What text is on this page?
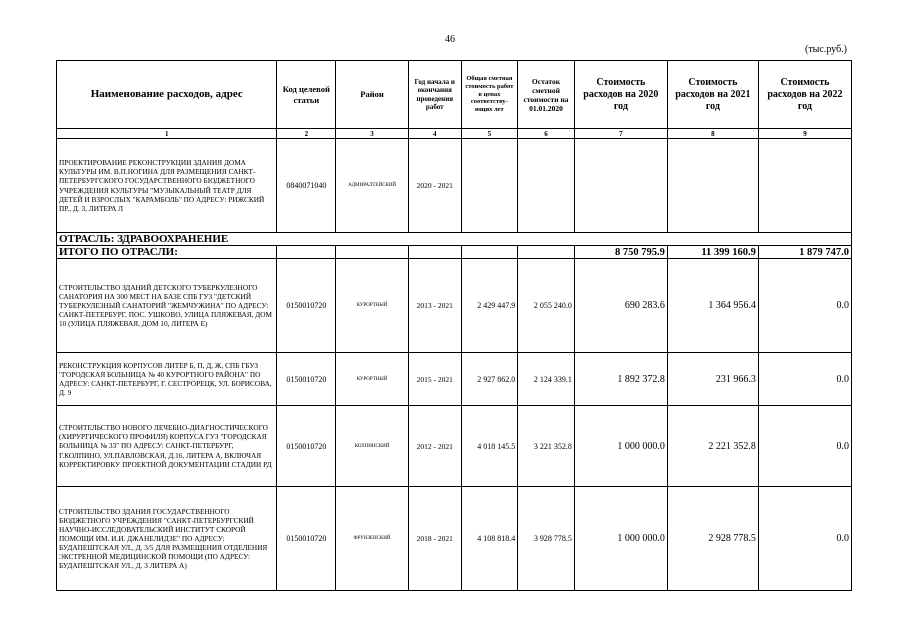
46
(тыс.руб.)
Наименование расходов, адрес	Код целевой статьи	Район	Год начала и окончания проведения работ	Общая сметная стоимость работ в ценах соответству-ющих лет	Остаток сметной стоимости на 01.01.2020	Стоимость расходов на 2020 год	Стоимость расходов на 2021 год	Стоимость расходов на 2022 год
1	2	3	4	5	6	7	8	9
ПРОЕКТИРОВАНИЕ РЕКОНСТРУКЦИИ ЗДАНИЯ ДОМА КУЛЬТУРЫ ИМ. В.П.НОГИНА ДЛЯ РАЗМЕЩЕНИЯ САНКТ-ПЕТЕРБУРГСКОГО ГОСУДАРСТВЕННОГО БЮДЖЕТНОГО УЧРЕЖДЕНИЯ КУЛЬТУРЫ "МУЗЫКАЛЬНЫЙ ТЕАТР ДЛЯ ДЕТЕЙ И ВЗРОСЛЫХ "КАРАМБОЛЬ" ПО АДРЕСУ: РИЖСКИЙ ПР., Д. 3, ЛИТЕРА Л	0840071040	АДМИРАЛТЕЙСКИЙ	2020 - 2021					
ОТРАСЛЬ: ЗДРАВООХРАНЕНИЕ								
ИТОГО ПО ОТРАСЛИ:						8 750 795.9	11 399 160.9	1 879 747.0
СТРОИТЕЛЬСТВО ЗДАНИЙ ДЕТСКОГО ТУБЕРКУЛЕЗНОГО САНАТОРИЯ НА 300 МЕСТ НА БАЗЕ СПБ ГУЗ "ДЕТСКИЙ ТУБЕРКУЛЕЗНЫЙ САНАТОРИЙ "ЖЕМЧУЖИНА" ПО АДРЕСУ: САНКТ-ПЕТЕРБУРГ, ПОС. УШКОВО, УЛИЦА ПЛЯЖЕВАЯ, ДОМ 10 (УЛИЦА ПЛЯЖЕВАЯ, ДОМ 10, ЛИТЕРА Е)	0150010720	КУРОРТНЫЙ	2013 - 2021	2 429 447.9	2 055 240.0	690 283.6	1 364 956.4	0.0
РЕКОНСТРУКЦИЯ КОРПУСОВ ЛИТЕР Б, П, Д, Ж, СПБ ГБУЗ "ГОРОДСКАЯ БОЛЬНИЦА № 40 КУРОРТНОГО РАЙОНА" ПО АДРЕСУ: САНКТ-ПЕТЕРБУРГ, Г. СЕСТРОРЕЦК, УЛ. БОРИСОВА, Д. 9	0150010720	КУРОРТНЫЙ	2015 - 2021	2 927 862.0	2 124 339.1	1 892 372.8	231 966.3	0.0
СТРОИТЕЛЬСТВО НОВОГО ЛЕЧЕБНО-ДИАГНОСТИЧЕСКОГО (ХИРУРГИЧЕСКОГО ПРОФИЛЯ) КОРПУСА ГУЗ "ГОРОДСКАЯ БОЛЬНИЦА № 33" ПО АДРЕСУ: САНКТ-ПЕТЕРБУРГ, Г.КОЛПИНО, УЛ.ПАВЛОВСКАЯ, Д.16, ЛИТЕРА А, ВКЛЮЧАЯ КОРРЕКТИРОВКУ ПРОЕКТНОЙ ДОКУМЕНТАЦИИ СТАДИИ РД	0150010720	КОЛПИНСКИЙ	2012 - 2021	4 018 145.5	3 221 352.8	1 000 000.0	2 221 352.8	0.0
СТРОИТЕЛЬСТВО ЗДАНИЯ ГОСУДАРСТВЕННОГО БЮДЖЕТНОГО УЧРЕЖДЕНИЯ "САНКТ-ПЕТЕРБУРГСКИЙ НАУЧНО-ИССЛЕДОВАТЕЛЬСКИЙ ИНСТИТУТ СКОРОЙ ПОМОЩИ ИМ. И.И. ДЖАНЕЛИДЗЕ" ПО АДРЕСУ: БУДАПЕШТСКАЯ УЛ., Д. 3/5 ДЛЯ РАЗМЕЩЕНИЯ ОТДЕЛЕНИЯ ЭКСТРЕННОЙ МЕДИЦИНСКОЙ ПОМОЩИ (ПО АДРЕСУ: БУДАПЕШТСКАЯ УЛ., Д. 3 ЛИТЕРА А)	0150010720	ФРУНЗЕНСКИЙ	2018 - 2021	4 108 818.4	3 928 778.5	1 000 000.0	2 928 778.5	0.0
